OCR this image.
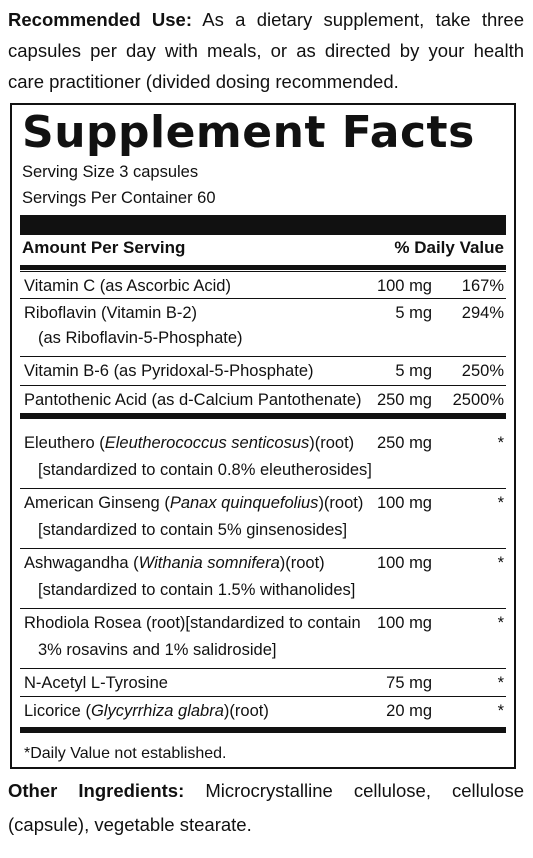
Recommended Use: As a dietary supplement, take three
capsules per day with meals, or as directed by your health
care practitioner (divided dosing recommended.
Supplement Facts
Serving Size 3 capsules
Servings Per Container 60
Amount Per Serving	% Daily Value
Vitamin C (as Ascorbic Acid)	100 mg 167%
Riboflavin (Vitamin B-2)
(as Riboflavin-5-Phosphate)
5 mg 294%
Vitamin B-6 (as Pyridoxal-5-Phosphate)	5 mg 250%
Pantothenic Acid (as d-Calcium Pantothenate) 250 mg 2500%
Eleuthero (Eleutherococcus senticosus)(root)
[standardized to contain 0.8% eleutherosides]
250 mg	*
American Ginseng (Panax quinquefolius)(root)
[standardized to contain 5% ginsenosides]
100 mg	*
Ashwagandha (Withania somnifera)(root)
[standardized to contain 1.5% withanolides]
100 mg	*
Rhodiola Rosea (root)[standardized to contain
3% rosavins and 1% salidroside]
100 mg	*
N-Acetyl L-Tyrosine	75 mg	*
Licorice (Glycyrrhiza glabra)(root)	20 mg	*
*Daily Value not established.
Other Ingredients: Microcrystalline cellulose, cellulose
(capsule), vegetable stearate.
